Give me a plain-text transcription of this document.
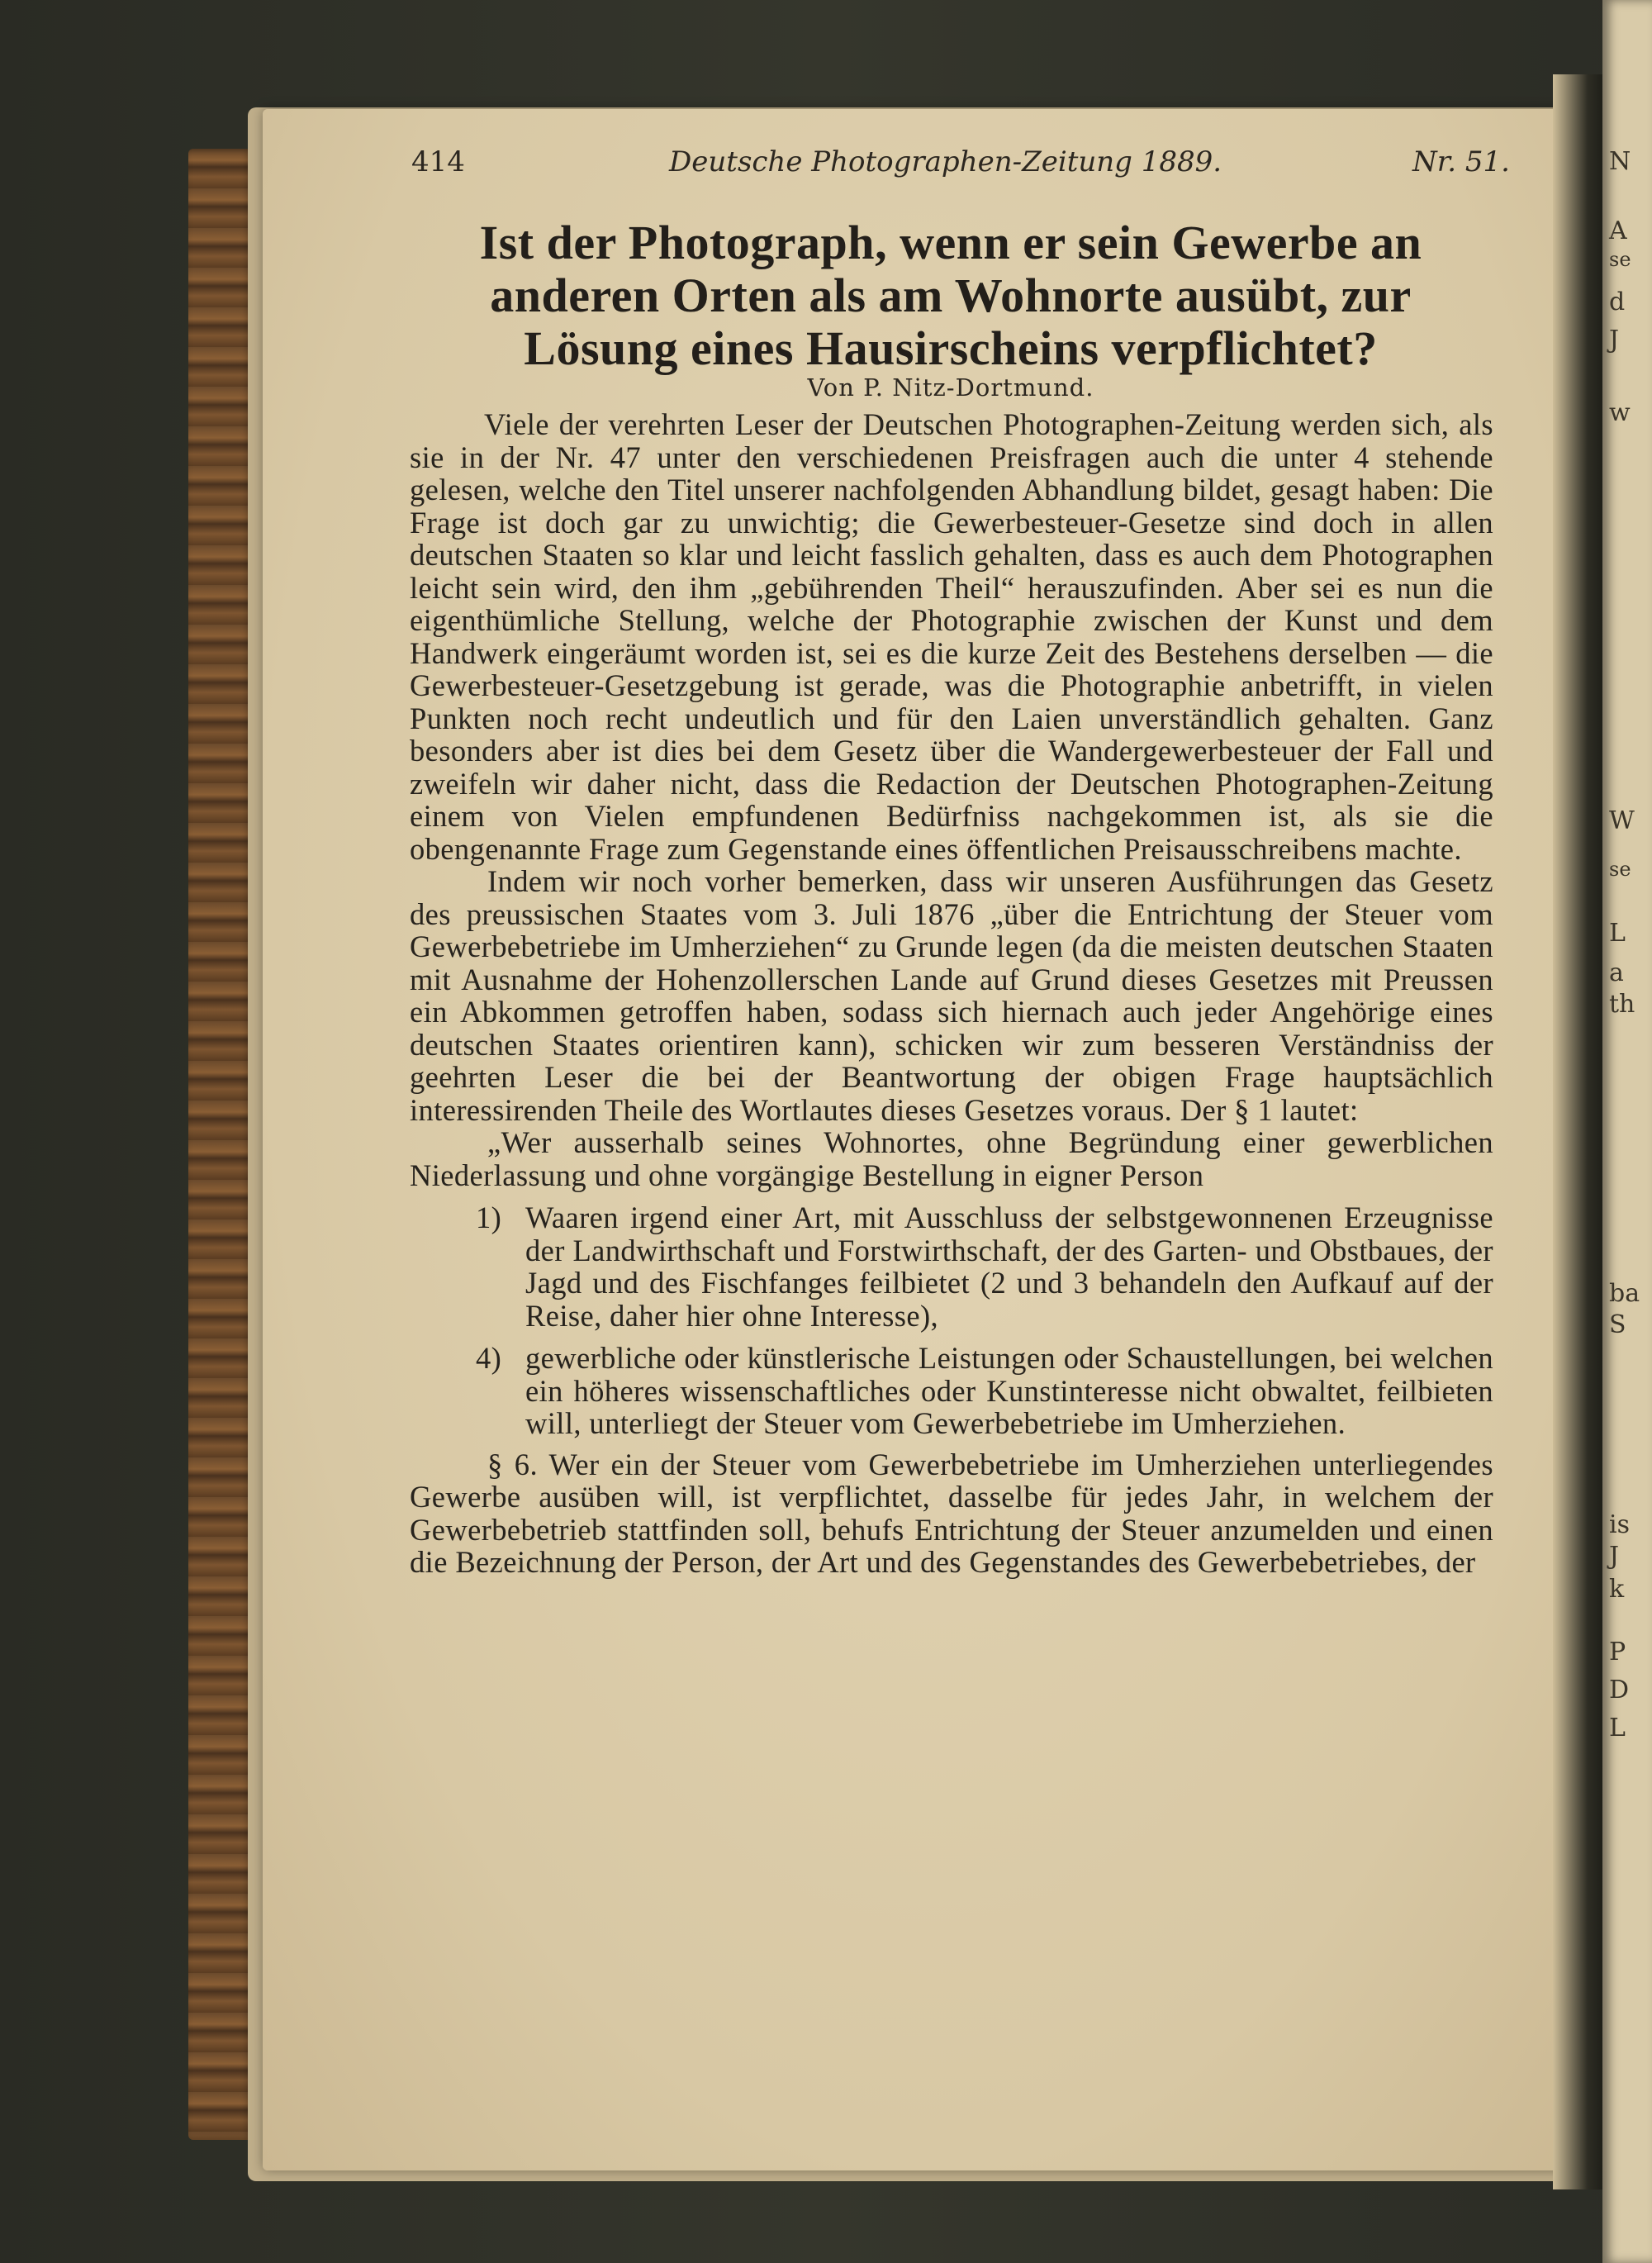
N
A
se
d
J
w
W
se
L
a
th
ba
S
is
J
k
P
D
L
414	Deutsche Photographen-Zeitung 1889.	Nr. 51.
Ist der Photograph, wenn er sein Gewerbe an anderen Orten als am Wohnorte ausübt, zur Lösung eines Hausirscheins verpflichtet?
Von P. Nitz-Dortmund.

Viele der verehrten Leser der Deutschen Photographen-Zeitung werden sich, als sie in der Nr. 47 unter den verschiedenen Preisfragen auch die unter 4 stehende gelesen, welche den Titel unserer nachfolgenden Abhandlung bildet, gesagt haben: Die Frage ist doch gar zu unwichtig; die Gewerbesteuer-Gesetze sind doch in allen deutschen Staaten so klar und leicht fasslich gehalten, dass es auch dem Photographen leicht sein wird, den ihm „gebührenden Theil“ herauszufinden. Aber sei es nun die eigenthümliche Stellung, welche der Photographie zwischen der Kunst und dem Handwerk eingeräumt worden ist, sei es die kurze Zeit des Bestehens derselben — die Gewerbesteuer-Gesetzgebung ist gerade, was die Photographie anbetrifft, in vielen Punkten noch recht undeutlich und für den Laien unverständlich gehalten. Ganz besonders aber ist dies bei dem Gesetz über die Wandergewerbesteuer der Fall und zweifeln wir daher nicht, dass die Redaction der Deutschen Photographen-Zeitung einem von Vielen empfundenen Bedürfniss nachgekommen ist, als sie die obengenannte Frage zum Gegenstande eines öffentlichen Preisausschreibens machte.

Indem wir noch vorher bemerken, dass wir unseren Ausführungen das Gesetz des preussischen Staates vom 3. Juli 1876 „über die Entrichtung der Steuer vom Gewerbebetriebe im Umherziehen“ zu Grunde legen (da die meisten deutschen Staaten mit Ausnahme der Hohenzollerschen Lande auf Grund dieses Gesetzes mit Preussen ein Abkommen getroffen haben, sodass sich hiernach auch jeder Angehörige eines deutschen Staates orientiren kann), schicken wir zum besseren Verständniss der geehrten Leser die bei der Beantwortung der obigen Frage hauptsächlich interessirenden Theile des Wortlautes dieses Gesetzes voraus. Der § 1 lautet:

„Wer ausserhalb seines Wohnortes, ohne Begründung einer gewerblichen Niederlassung und ohne vorgängige Bestellung in eigner Person

1) Waaren irgend einer Art, mit Ausschluss der selbstgewonnenen Erzeugnisse der Landwirthschaft und Forstwirthschaft, der des Garten- und Obstbaues, der Jagd und des Fischfanges feilbietet (2 und 3 behandeln den Aufkauf auf der Reise, daher hier ohne Interesse),
4) gewerbliche oder künstlerische Leistungen oder Schaustellungen, bei welchen ein höheres wissenschaftliches oder Kunstinteresse nicht obwaltet, feilbieten will, unterliegt der Steuer vom Gewerbebetriebe im Umherziehen.

§ 6. Wer ein der Steuer vom Gewerbebetriebe im Umherziehen unterliegendes Gewerbe ausüben will, ist verpflichtet, dasselbe für jedes Jahr, in welchem der Gewerbebetrieb stattfinden soll, behufs Entrichtung der Steuer anzumelden und einen die Bezeichnung der Person, der Art und des Gegenstandes des Gewerbebetriebes, der
